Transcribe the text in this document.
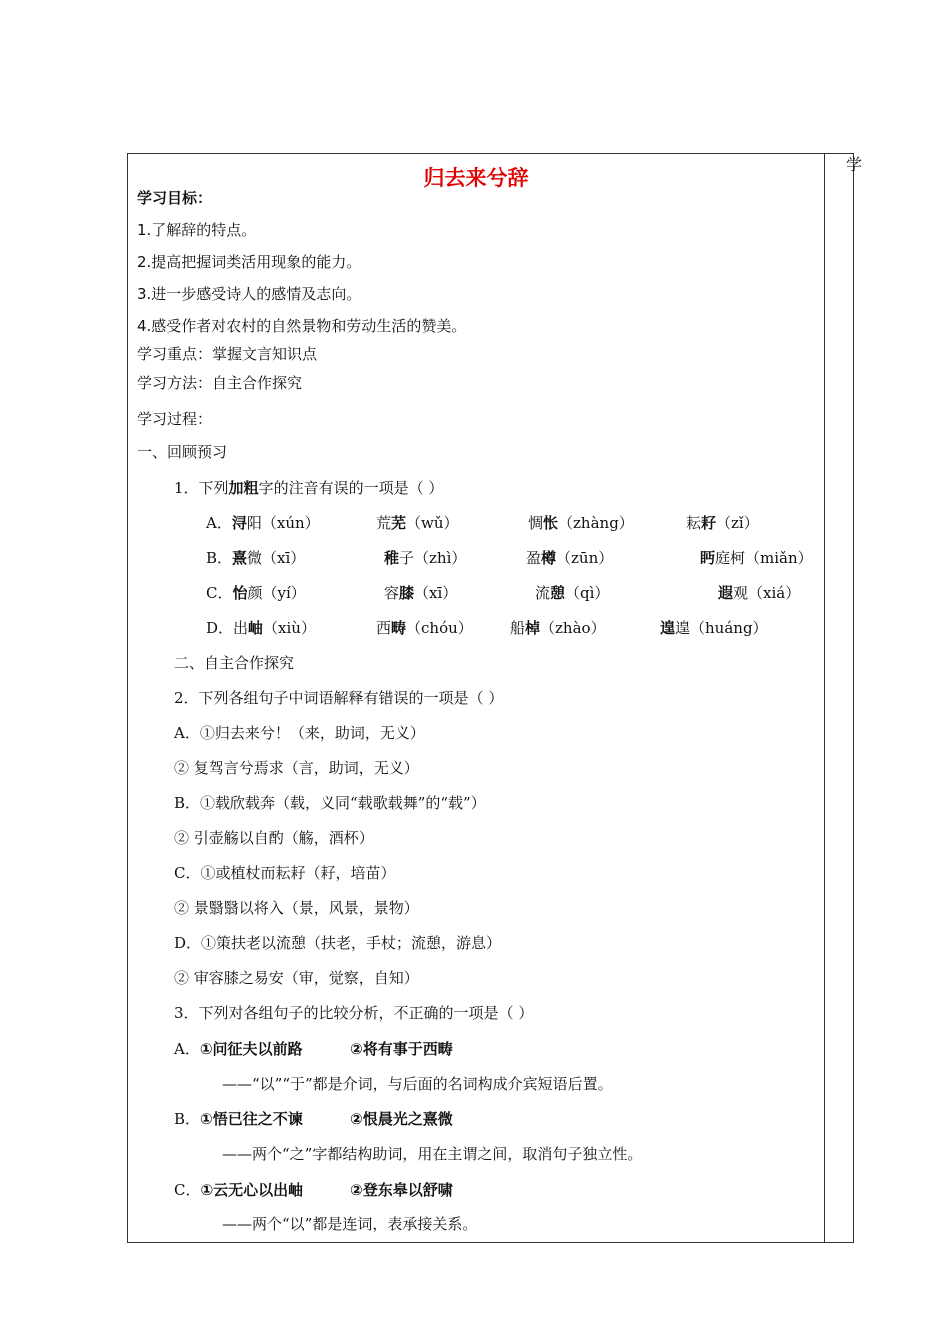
学
归去来兮辞
学习目标：
1.了解辞的特点。
2.提高把握词类活用现象的能力。
3.进一步感受诗人的感情及志向。
4.感受作者对农村的自然景物和劳动生活的赞美。
学习重点：掌握文言知识点
学习方法：自主合作探究
学习过程：
一、回顾预习
1．下列加粗字的注音有误的一项是（ ）
A．浔阳（xún）	荒芜（wǔ）	惆怅（zhàng）	耘耔（zǐ）
B．熹微（xī）	稚子（zhì）	盈樽（zūn）	眄庭柯（miǎn）
C．怡颜（yí）	容膝（xī）	流憩（qì）	遐观（xiá）
D．出岫（xiù）	西畴（chóu） 船棹（zhào）	遑遑（huáng）
二、自主合作探究
2．下列各组句子中词语解释有错误的一项是（ ）
A．①归去来兮！（来，助词，无义）
② 复驾言兮焉求（言，助词，无义）
B．①载欣载奔（载，义同“载歌载舞”的“载”）
② 引壶觞以自酌（觞，酒杯）
C．①或植杖而耘耔（耔，培苗）
② 景翳翳以将入（景，风景，景物）
D．①策扶老以流憩（扶老，手杖；流憩，游息）
② 审容膝之易安（审，觉察，自知）
3．下列对各组句子的比较分析，不正确的一项是（ ）
A．①问征夫以前路	②将有事于西畴
——“以”“于”都是介词，与后面的名词构成介宾短语后置。
B．①悟已往之不谏	②恨晨光之熹微
——两个“之”字都结构助词，用在主谓之间，取消句子独立性。
C．①云无心以出岫	②登东皋以舒啸
——两个“以”都是连词，表承接关系。
